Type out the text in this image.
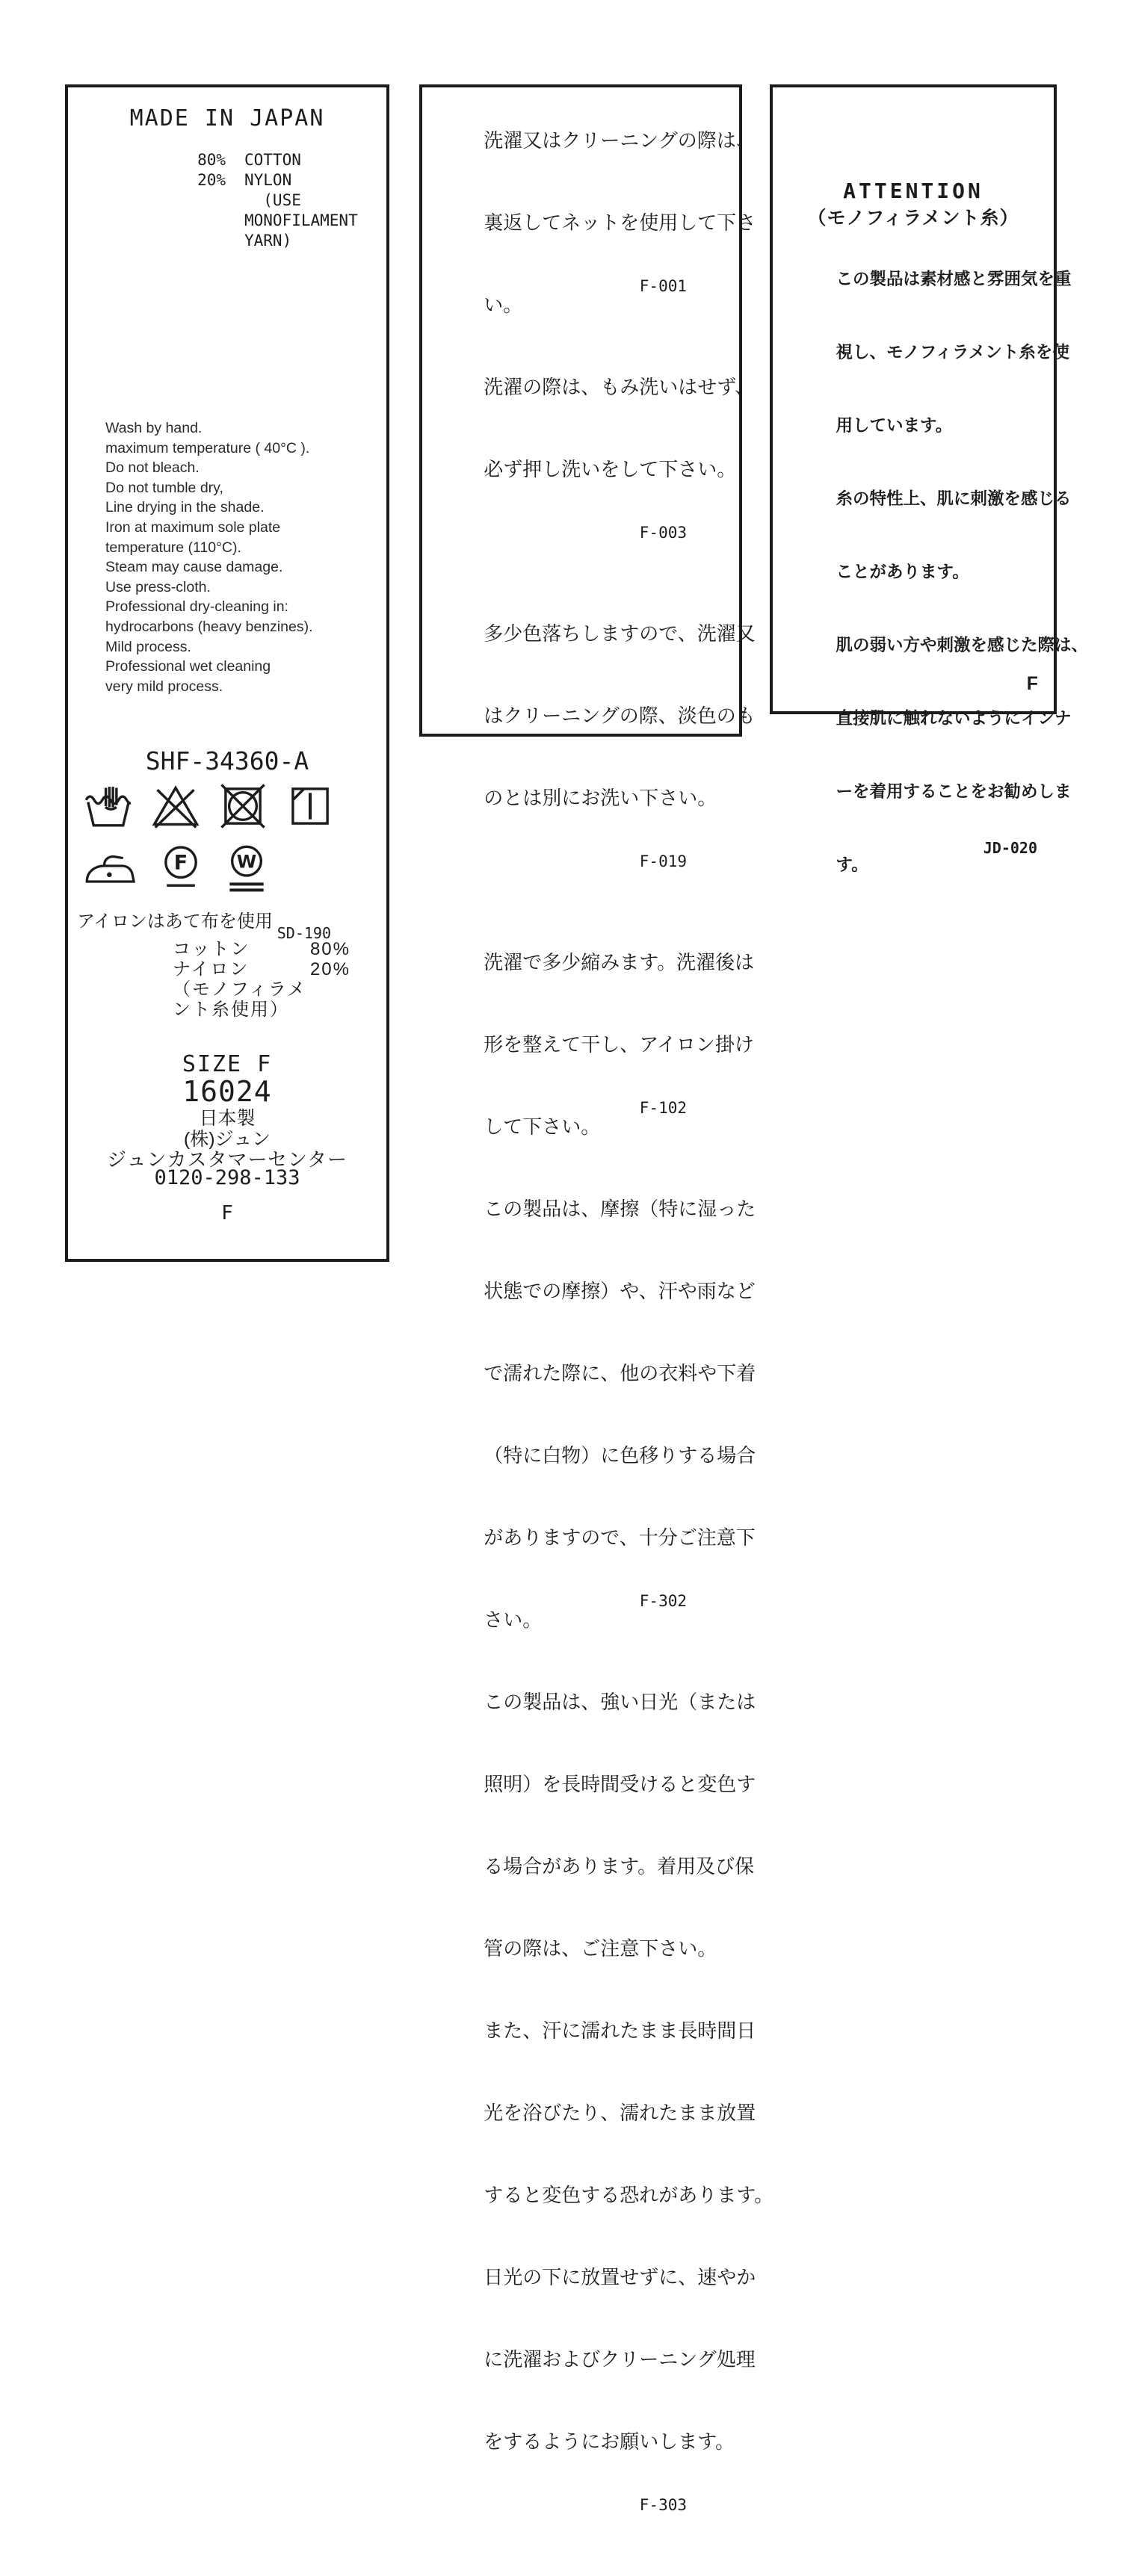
MADE IN JAPAN
80% COTTON
20% NYLON
(USE
MONOFILAMENT
YARN)
Wash by hand.
maximum temperature ( 40°C ).
Do not bleach.
Do not tumble dry,
Line drying in the shade.
Iron at maximum sole plate
temperature (110°C).
Steam may cause damage.
Use press-cloth.
Professional dry-cleaning in:
hydrocarbons (heavy benzines).
Mild process.
Professional wet cleaning
very mild process.
SHF-34360-A
F W
アイロンはあて布を使用
SD-190
コットン	80%
ナイロン	20%
（モノフィラメ
ント糸使用）
SIZE F
16024
日本製
(株)ジュン
ジュンカスタマーセンター
0120-298-133
F

洗濯又はクリーニングの際は、

裏返してネットを使用して下さ

い。

F-001

洗濯の際は、もみ洗いはせず、

必ず押し洗いをして下さい。

F-003

多少色落ちしますので、洗濯又

はクリーニングの際、淡色のも

のとは別にお洗い下さい。

F-019

洗濯で多少縮みます。洗濯後は

形を整えて干し、アイロン掛け

して下さい。

F-102

この製品は、摩擦（特に湿った

状態での摩擦）や、汗や雨など

で濡れた際に、他の衣料や下着

（特に白物）に色移りする場合

がありますので、十分ご注意下

さい。

F-302

この製品は、強い日光（または

照明）を長時間受けると変色す

る場合があります。着用及び保

管の際は、ご注意下さい。

また、汗に濡れたまま長時間日

光を浴びたり、濡れたまま放置

すると変色する恐れがあります。

日光の下に放置せずに、速やか

に洗濯およびクリーニング処理

をするようにお願いします。

F-303

ATTENTION
（モノフィラメント糸）

この製品は素材感と雰囲気を重

視し、モノフィラメント糸を使

用しています。

糸の特性上、肌に刺激を感じる

ことがあります。

肌の弱い方や刺激を感じた際は、

直接肌に触れないようにインナ

ーを着用することをお勧めしま

す。

JD-020

F
